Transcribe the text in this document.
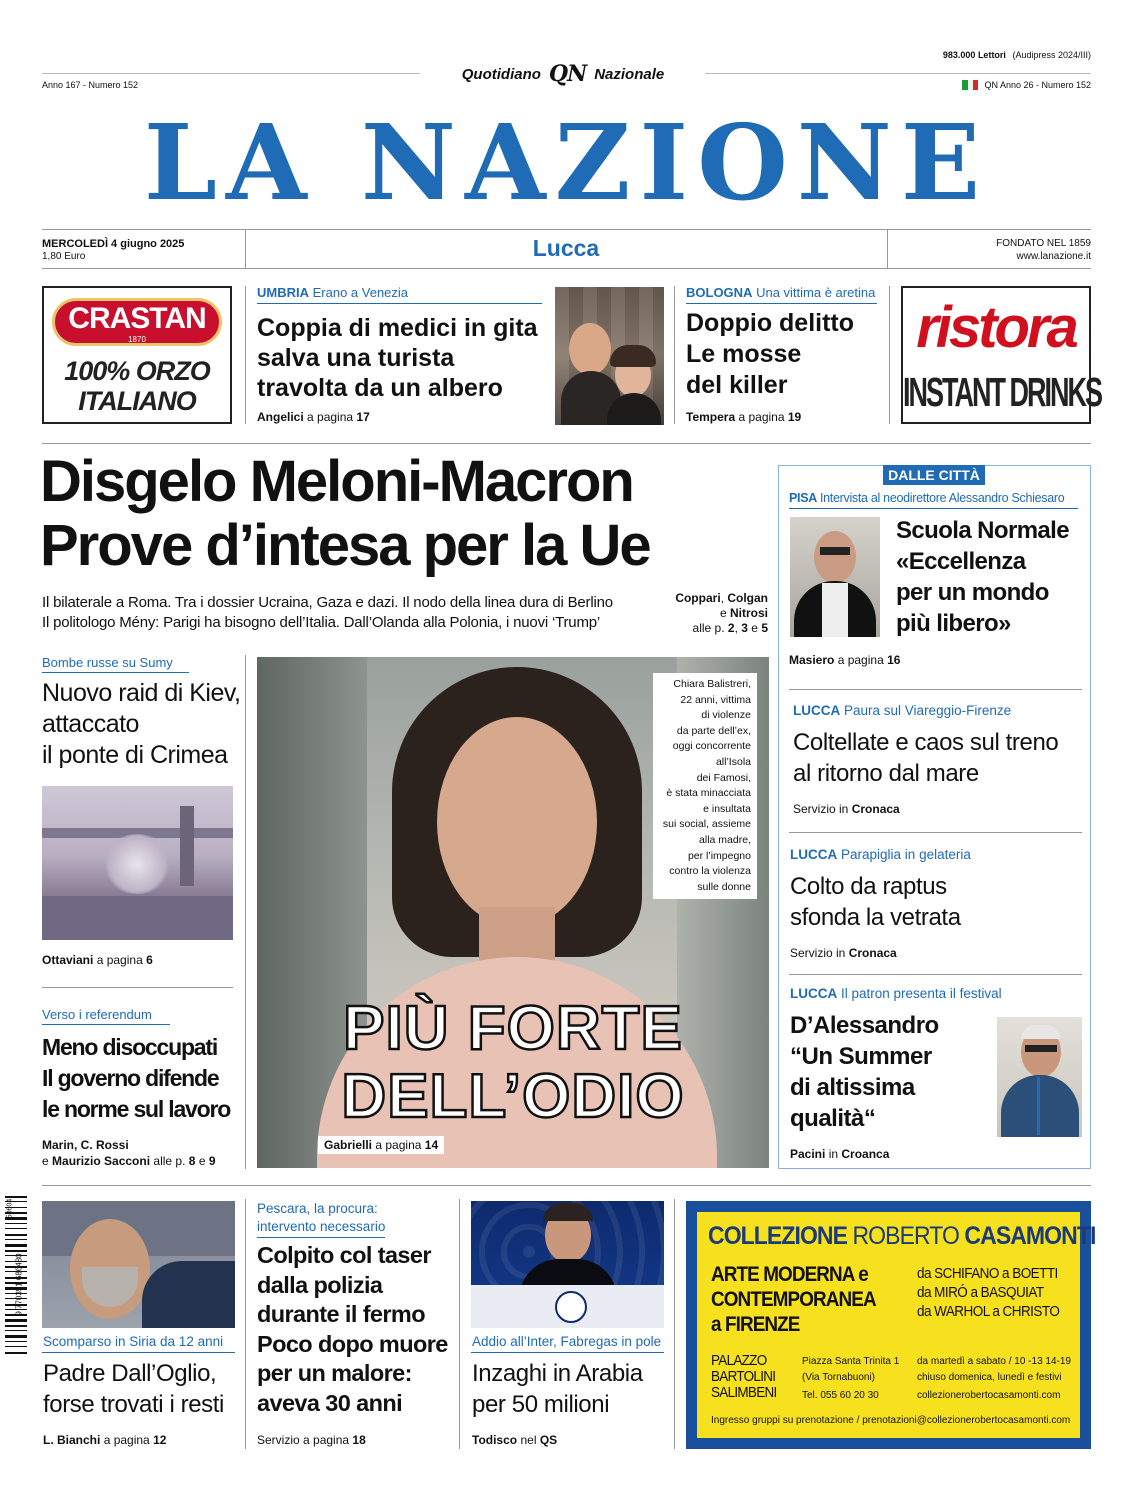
983.000 Lettori (Audipress 2024/III)
Anno 167 - Numero 152
Quotidiano QN Nazionale
QN Anno 26 - Numero 152
LA NAZIONE
MERCOLEDÌ 4 giugno 2025
1,80 Euro	Lucca	FONDATO NEL 1859
www.lanazione.it
CRASTAN
1870
100% ORZO
ITALIANO
UMBRIA Erano a Venezia
Coppia di medici in gita
salva una turista
travolta da un albero
Angelici a pagina 17
BOLOGNA Una vittima è aretina
Doppio delitto
Le mosse
del killer
Tempera a pagina 19
ristora
INSTANT DRINKS
Disgelo Meloni-Macron
Prove d’intesa per la Ue
Il bilaterale a Roma. Tra i dossier Ucraina, Gaza e dazi. Il nodo della linea dura di Berlino
Il politologo Mény: Parigi ha bisogno dell’Italia. Dall’Olanda alla Polonia, i nuovi ‘Trump’
Coppari, Colgan
e Nitrosi
alle p. 2, 3 e 5
Bombe russe su Sumy
Nuovo raid di Kiev,
attaccato
il ponte di Crimea
Ottaviani a pagina 6
Verso i referendum
Meno disoccupati
Il governo difende
le norme sul lavoro
Marin, C. Rossi
e Maurizio Sacconi alle p. 8 e 9
Chiara Balistreri,
22 anni, vittima
di violenze
da parte dell’ex,
oggi concorrente
all’Isola
dei Famosi,
è stata minacciata
e insultata
sui social, assieme
alla madre,
per l’impegno
contro la violenza
sulle donne
PIÙ FORTE
DELL’ODIO
Gabrielli a pagina 14
DALLE CITTÀ
PISA Intervista al neodirettore Alessandro Schiesaro
Scuola Normale
«Eccellenza
per un mondo
più libero»
Masiero a pagina 16
LUCCA Paura sul Viareggio-Firenze
Coltellate e caos sul treno
al ritorno dal mare
Servizio in Cronaca
LUCCA Parapiglia in gelateria
Colto da raptus
sfonda la vetrata
Servizio in Cronaca
LUCCA Il patron presenta il festival
D’Alessandro
“Un Summer
di altissima
qualità“
Pacini in Croanca
9 770391 686480
50604
Scomparso in Siria da 12 anni
Padre Dall’Oglio,
forse trovati i resti
L. Bianchi a pagina 12
Pescara, la procura:
intervento necessario
Colpito col taser
dalla polizia
durante il fermo
Poco dopo muore
per un malore:
aveva 30 anni
Servizio a pagina 18
Addio all’Inter, Fabregas in pole
Inzaghi in Arabia
per 50 milioni
Todisco nel QS
COLLEZIONE ROBERTO CASAMONTI
ARTE MODERNA e
CONTEMPORANEA
a FIRENZE
da SCHIFANO a BOETTI
da MIRÓ a BASQUIAT
da WARHOL a CHRISTO
PALAZZO
BARTOLINI
SALIMBENI
Piazza Santa Trinita 1
(Via Tornabuoni)
Tel. 055 60 20 30
da martedì a sabato / 10 -13 14-19
chiuso domenica, lunedì e festivi
collezionerobertocasamonti.com
Ingresso gruppi su prenotazione / prenotazioni@collezionerobertocasamonti.com
